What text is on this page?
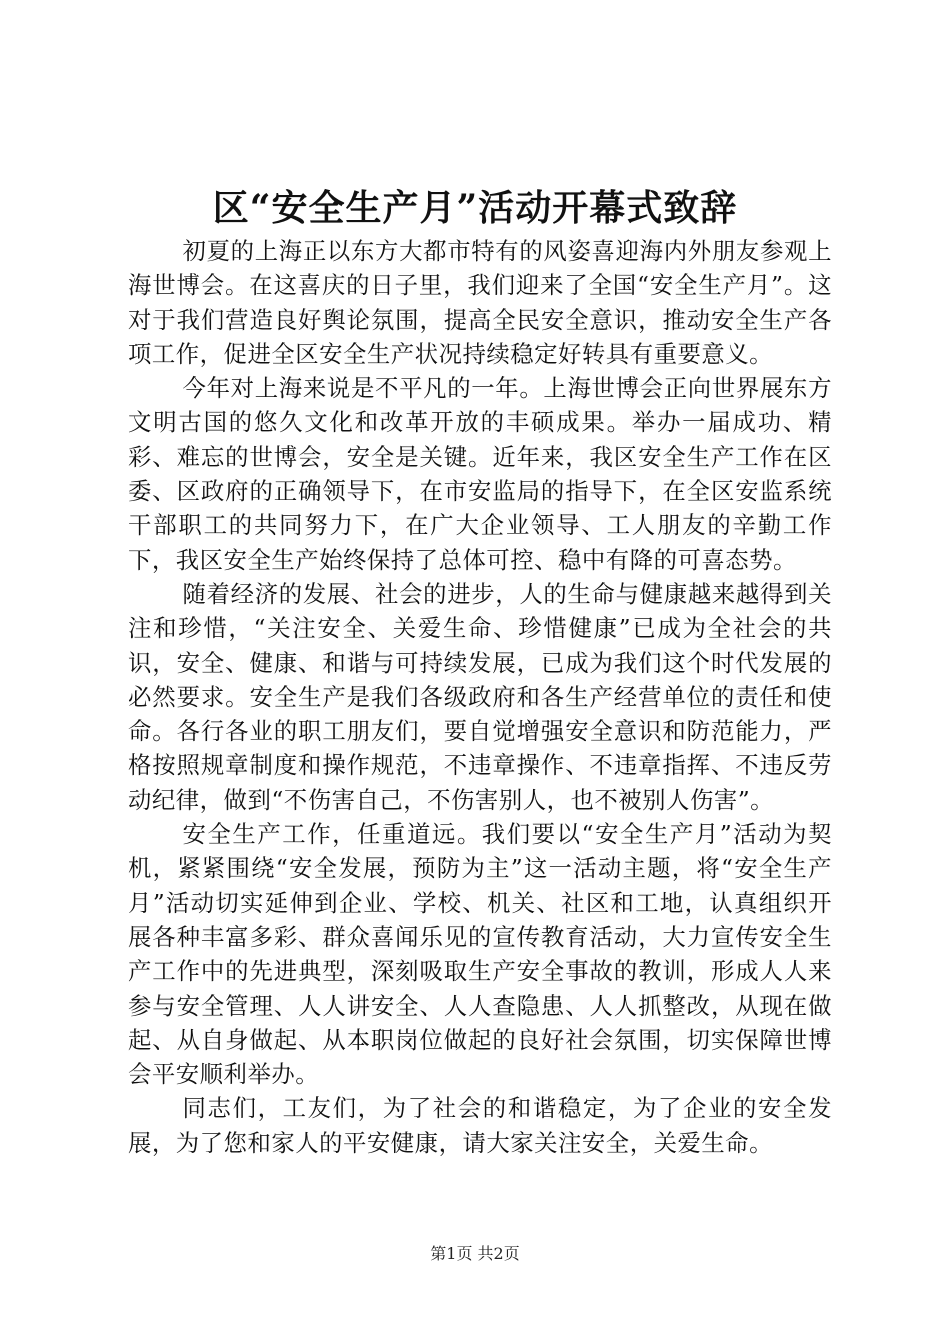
区“安全生产月”活动开幕式致辞

初夏的上海正以东方大都市特有的风姿喜迎海内外朋友参观上海世博会。在这喜庆的日子里，我们迎来了全国“安全生产月”。这对于我们营造良好舆论氛围，提高全民安全意识，推动安全生产各项工作，促进全区安全生产状况持续稳定好转具有重要意义。

今年对上海来说是不平凡的一年。上海世博会正向世界展东方文明古国的悠久文化和改革开放的丰硕成果。举办一届成功、精彩、难忘的世博会，安全是关键。近年来，我区安全生产工作在区委、区政府的正确领导下，在市安监局的指导下，在全区安监系统干部职工的共同努力下，在广大企业领导、工人朋友的辛勤工作下，我区安全生产始终保持了总体可控、稳中有降的可喜态势。

随着经济的发展、社会的进步，人的生命与健康越来越得到关注和珍惜，“关注安全、关爱生命、珍惜健康”已成为全社会的共识，安全、健康、和谐与可持续发展，已成为我们这个时代发展的必然要求。安全生产是我们各级政府和各生产经营单位的责任和使命。各行各业的职工朋友们，要自觉增强安全意识和防范能力，严格按照规章制度和操作规范，不违章操作、不违章指挥、不违反劳动纪律，做到“不伤害自己，不伤害别人，也不被别人伤害”。

安全生产工作，任重道远。我们要以“安全生产月”活动为契机，紧紧围绕“安全发展，预防为主”这一活动主题，将“安全生产月”活动切实延伸到企业、学校、机关、社区和工地，认真组织开展各种丰富多彩、群众喜闻乐见的宣传教育活动，大力宣传安全生产工作中的先进典型，深刻吸取生产安全事故的教训，形成人人来参与安全管理、人人讲安全、人人查隐患、人人抓整改，从现在做起、从自身做起、从本职岗位做起的良好社会氛围，切实保障世博会平安顺利举办。

同志们，工友们，为了社会的和谐稳定，为了企业的安全发展，为了您和家人的平安健康，请大家关注安全，关爱生命。

第1页 共2页
